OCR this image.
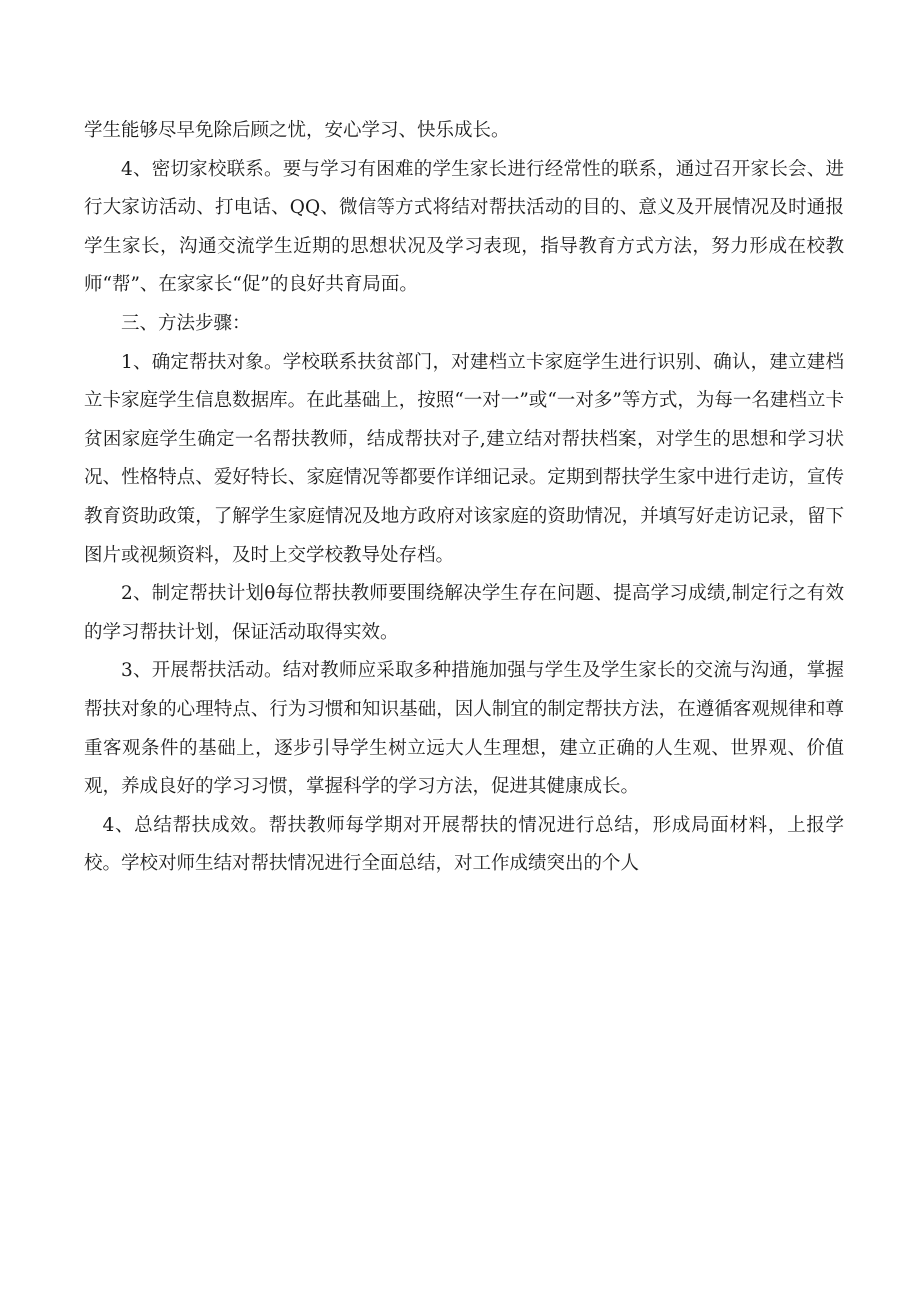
学生能够尽早免除后顾之忧，安心学习、快乐成长。

4、密切家校联系。要与学习有困难的学生家长进行经常性的联系，通过召开家长会、进行大家访活动、打电话、QQ、微信等方式将结对帮扶活动的目的、意义及开展情况及时通报学生家长，沟通交流学生近期的思想状况及学习表现，指导教育方式方法，努力形成在校教师“帮”、在家家长“促”的良好共育局面。

三、方法步骤：

1、确定帮扶对象。学校联系扶贫部门，对建档立卡家庭学生进行识别、确认，建立建档立卡家庭学生信息数据库。在此基础上，按照“一对一”或“一对多”等方式，为每一名建档立卡贫困家庭学生确定一名帮扶教师，结成帮扶对子,建立结对帮扶档案，对学生的思想和学习状况、性格特点、爱好特长、家庭情况等都要作详细记录。定期到帮扶学生家中进行走访，宣传教育资助政策，了解学生家庭情况及地方政府对该家庭的资助情况，并填写好走访记录，留下图片或视频资料，及时上交学校教导处存档。

2、制定帮扶计划θ每位帮扶教师要围绕解决学生存在问题、提高学习成绩,制定行之有效的学习帮扶计划，保证活动取得实效。

3、开展帮扶活动。结对教师应采取多种措施加强与学生及学生家长的交流与沟通，掌握帮扶对象的心理特点、行为习惯和知识基础，因人制宜的制定帮扶方法，在遵循客观规律和尊重客观条件的基础上，逐步引导学生树立远大人生理想，建立正确的人生观、世界观、价值观，养成良好的学习习惯，掌握科学的学习方法，促进其健康成长。

4、总结帮扶成效。帮扶教师每学期对开展帮扶的情况进行总结，形成局面材料，上报学校。学校对师生结对帮扶情况进行全面总结，对工作成绩突出的个人
